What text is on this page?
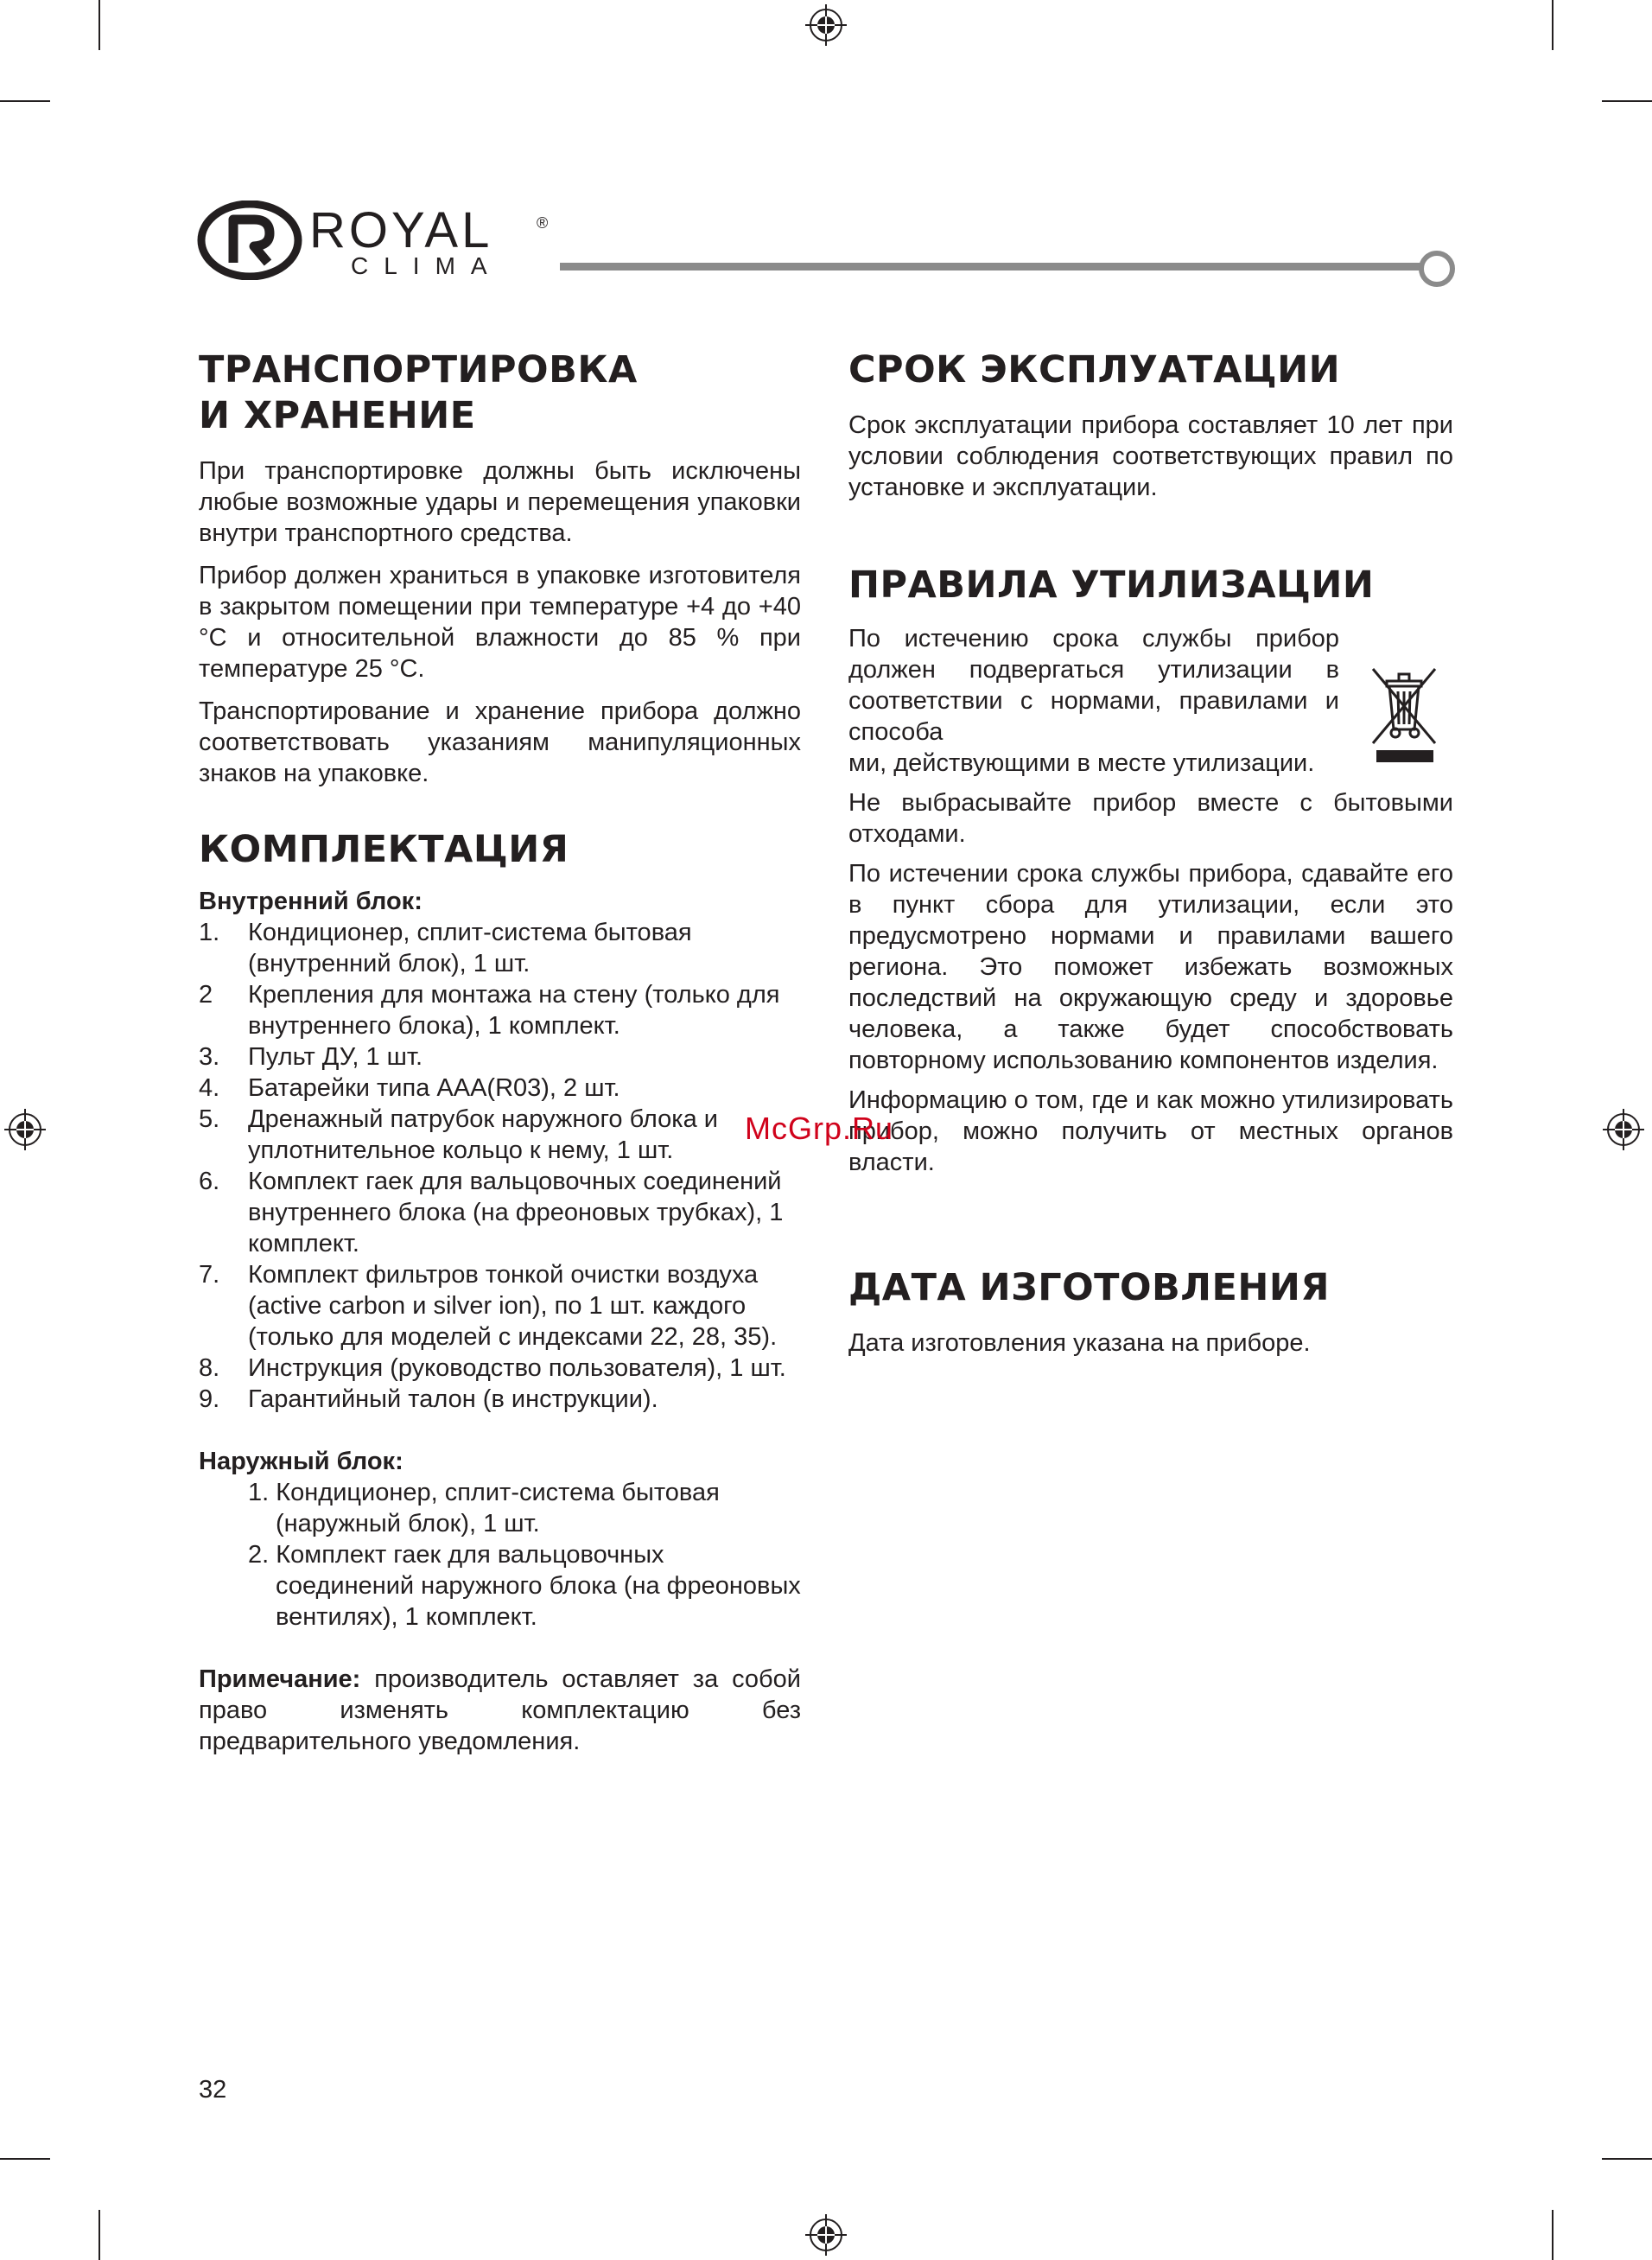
ROYAL	®
CLIMA
ТРАНСПОРТИРОВКА
И ХРАНЕНИЕ

При транспортировке должны быть исключены любые возможные удары и перемещения упаковки внутри транспортного средства.

Прибор должен храниться в упаковке изготовителя в закрытом помещении при температуре +4 до +40 °С и относительной влажности до 85 % при температуре 25 °С.

Транспортирование и хранение прибора должно соответствовать указаниям манипуляционных знаков на упаковке.

КОМПЛЕКТАЦИЯ
Внутренний блок:
1. Кондиционер, сплит-система бытовая (внутренний блок), 1 шт.
2 Крепления для монтажа на стену (только для внутреннего блока), 1 комплект.
3. Пульт ДУ, 1 шт.
4. Батарейки типа ААА(R03), 2 шт.
5. Дренажный патрубок наружного блока и уплотнительное кольцо к нему, 1 шт.
6. Комплект гаек для вальцовочных соединений внутреннего блока (на фреоновых трубках), 1 комплект.
7. Комплект фильтров тонкой очистки воздуха (active carbon и silver ion), по 1 шт. каждого (только для моделей с индексами 22, 28, 35).
8. Инструкция (руководство пользователя), 1 шт.
9. Гарантийный талон (в инструкции).
Наружный блок:
1. Кондиционер, сплит-система бытовая (наружный блок), 1 шт.
2. Комплект гаек для вальцовочных соединений наружного блока (на фреоновых вентилях), 1 комплект.

Примечание: производитель оставляет за собой право изменять комплектацию без предварительного уведомления.

СРОК ЭКСПЛУАТАЦИИ

Срок эксплуатации прибора составляет 10 лет при условии соблюдения соответствующих правил по установке и эксплуатации.

ПРАВИЛА УТИЛИЗАЦИИ

По истечению срока службы прибор должен подвергаться утилизации в соответствии с нормами, правилами и способа
ми, действующими в месте утилизации.

Не выбрасывайте прибор вместе с бытовыми отходами.

По истечении срока службы прибора, сдавайте его в пункт сбора для утилизации, если это предусмотрено нормами и правилами вашего региона. Это поможет избежать возможных последствий на окружающую среду и здоровье человека, а также будет способствовать повторному использованию компонентов изделия.

Информацию о том, где и как можно утилизировать прибор, можно получить от местных органов власти.

ДАТА ИЗГОТОВЛЕНИЯ

Дата изготовления указана на приборе.

McGrp.Ru
32
